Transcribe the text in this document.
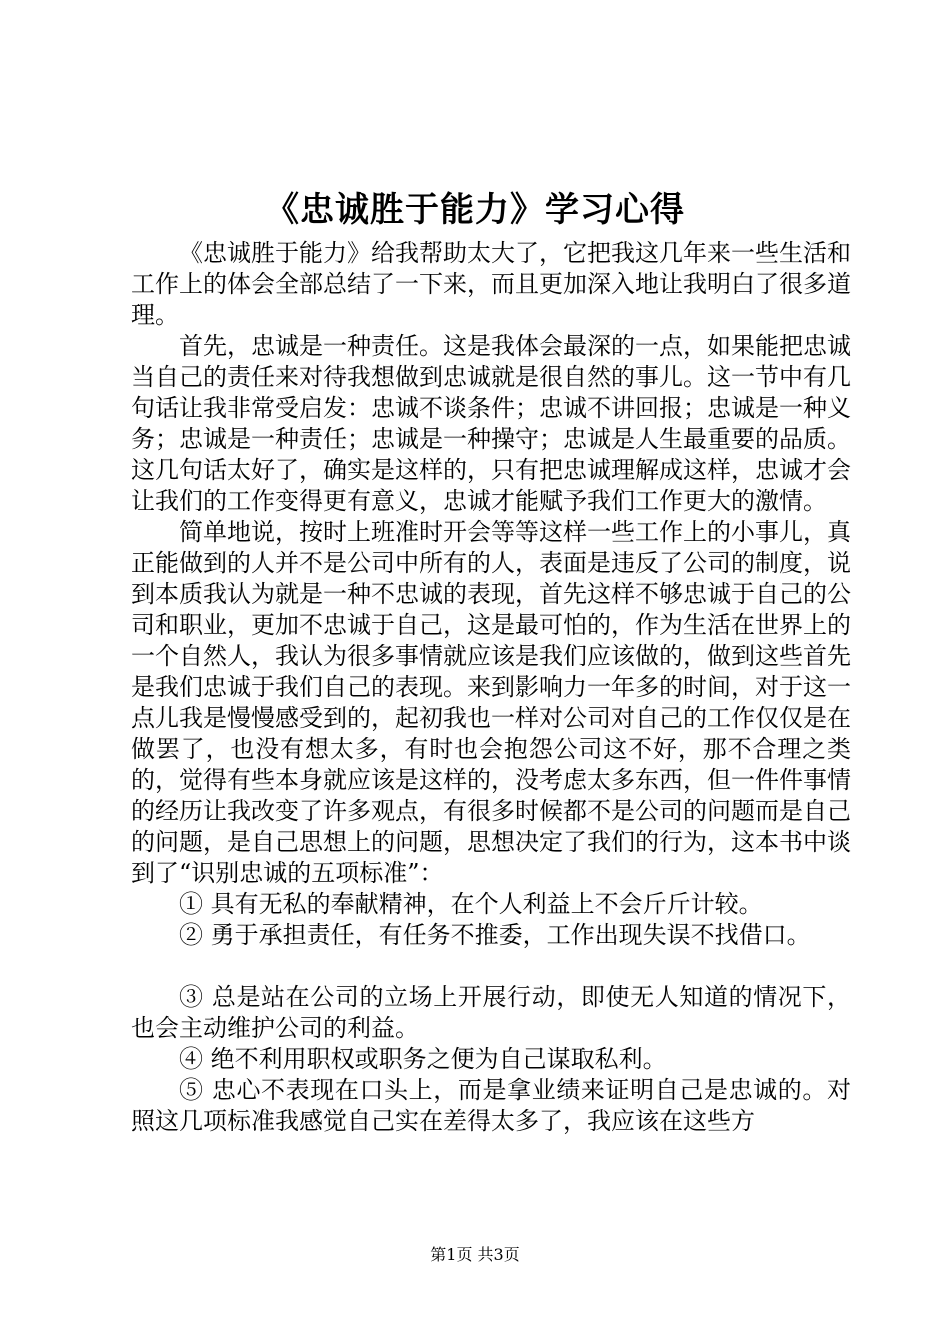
《忠诚胜于能力》学习心得

《忠诚胜于能力》给我帮助太大了，它把我这几年来一些生活和工作上的体会全部总结了一下来，而且更加深入地让我明白了很多道理。

首先，忠诚是一种责任。这是我体会最深的一点，如果能把忠诚当自己的责任来对待我想做到忠诚就是很自然的事儿。这一节中有几句话让我非常受启发：忠诚不谈条件；忠诚不讲回报；忠诚是一种义务；忠诚是一种责任；忠诚是一种操守；忠诚是人生最重要的品质。这几句话太好了，确实是这样的，只有把忠诚理解成这样，忠诚才会让我们的工作变得更有意义，忠诚才能赋予我们工作更大的激情。

简单地说，按时上班准时开会等等这样一些工作上的小事儿，真正能做到的人并不是公司中所有的人，表面是违反了公司的制度，说到本质我认为就是一种不忠诚的表现，首先这样不够忠诚于自己的公司和职业，更加不忠诚于自己，这是最可怕的，作为生活在世界上的一个自然人，我认为很多事情就应该是我们应该做的，做到这些首先是我们忠诚于我们自己的表现。来到影响力一年多的时间，对于这一点儿我是慢慢感受到的，起初我也一样对公司对自己的工作仅仅是在做罢了，也没有想太多，有时也会抱怨公司这不好，那不合理之类的，觉得有些本身就应该是这样的，没考虑太多东西，但一件件事情的经历让我改变了许多观点，有很多时候都不是公司的问题而是自己的问题，是自己思想上的问题，思想决定了我们的行为，这本书中谈到了“识别忠诚的五项标准”：

① 具有无私的奉献精神，在个人利益上不会斤斤计较。

② 勇于承担责任，有任务不推委，工作出现失误不找借口。

③ 总是站在公司的立场上开展行动，即使无人知道的情况下，也会主动维护公司的利益。

④ 绝不利用职权或职务之便为自己谋取私利。

⑤ 忠心不表现在口头上，而是拿业绩来证明自己是忠诚的。对照这几项标准我感觉自己实在差得太多了，我应该在这些方

第1页 共3页
